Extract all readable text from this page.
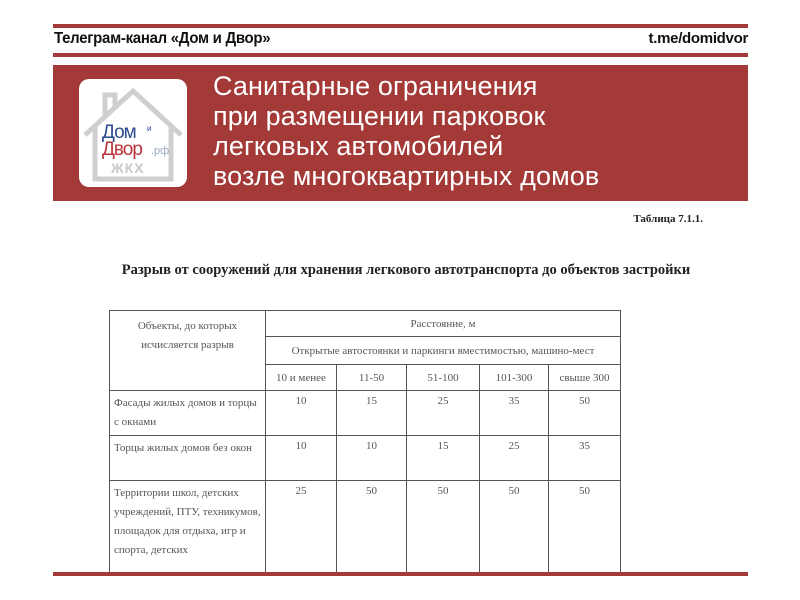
Телеграм-канал «Дом и Двор»	t.me/domidvor
Дом и
Двор .рф
ЖКХ
Санитарные ограничения
при размещении парковок
легковых автомобилей
возле многоквартирных домов
Таблица 7.1.1.
Разрыв от сооружений для хранения легкового автотранспорта до объектов застройки
Объекты, до которых исчисляется разрыв	Расстояние, м				
	Открытые автостоянки и паркинги вместимостью, машино-мест				
	10 и менее	11-50	51-100	101-300	свыше 300
Фасады жилых домов и торцы с окнами	10	15	25	35	50
Торцы жилых домов без окон	10	10	15	25	35
Территории школ, детских учреждений, ПТУ, техникумов, площадок для отдыха, игр и спорта, детских	25	50	50	50	50
